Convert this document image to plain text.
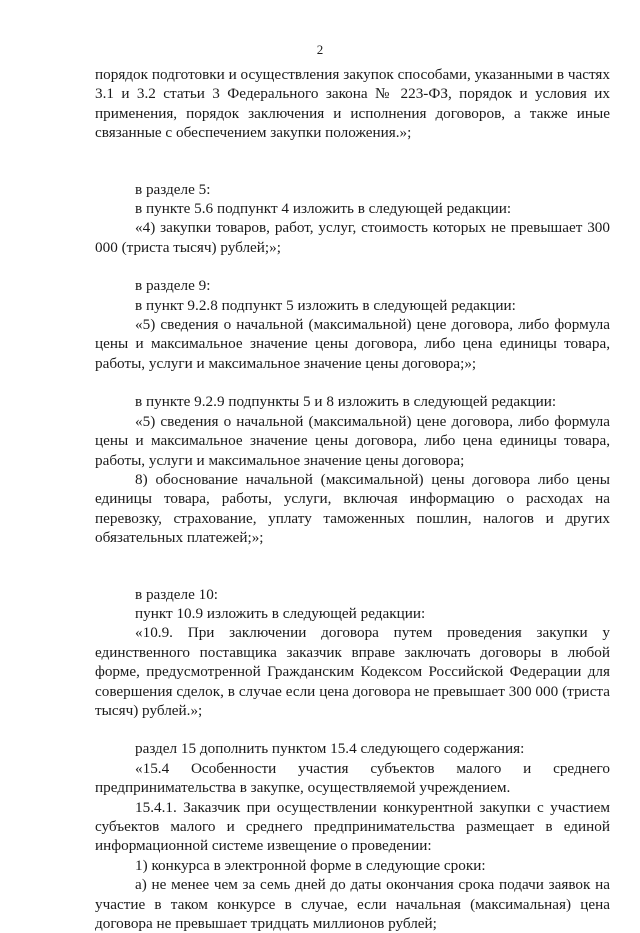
2

порядок подготовки и осуществления закупок способами, указанными в частях 3.1 и 3.2 статьи 3 Федерального закона № 223-ФЗ, порядок и условия их применения, порядок заключения и исполнения договоров, а также иные связанные с обеспечением закупки положения.»;

в разделе 5:

в пункте 5.6 подпункт 4 изложить в следующей редакции:

«4) закупки товаров, работ, услуг, стоимость которых не превышает 300 000 (триста тысяч) рублей;»;

в разделе 9:

в пункт 9.2.8 подпункт 5 изложить в следующей редакции:

«5) сведения о начальной (максимальной) цене договора, либо формула цены и максимальное значение цены договора, либо цена единицы товара, работы, услуги и максимальное значение цены договора;»;

в пункте 9.2.9 подпункты 5 и 8 изложить в следующей редакции:

«5) сведения о начальной (максимальной) цене договора, либо формула цены и максимальное значение цены договора, либо цена единицы товара, работы, услуги и максимальное значение цены договора;

8) обоснование начальной (максимальной) цены договора либо цены единицы товара, работы, услуги, включая информацию о расходах на перевозку, страхование, уплату таможенных пошлин, налогов и других обязательных платежей;»;

в разделе 10:

пункт 10.9 изложить в следующей редакции:

«10.9. При заключении договора путем проведения закупки у единственного поставщика заказчик вправе заключать договоры в любой форме, предусмотренной Гражданским Кодексом Российской Федерации для совершения сделок, в случае если цена договора не превышает 300 000 (триста тысяч) рублей.»;

раздел 15 дополнить пунктом 15.4 следующего содержания:

«15.4 Особенности участия субъектов малого и среднего предпринимательства в закупке, осуществляемой учреждением.

15.4.1. Заказчик при осуществлении конкурентной закупки с участием субъектов малого и среднего предпринимательства размещает в единой информационной системе извещение о проведении:

1) конкурса в электронной форме в следующие сроки:

а) не менее чем за семь дней до даты окончания срока подачи заявок на участие в таком конкурсе в случае, если начальная (максимальная) цена договора не превышает тридцать миллионов рублей;
